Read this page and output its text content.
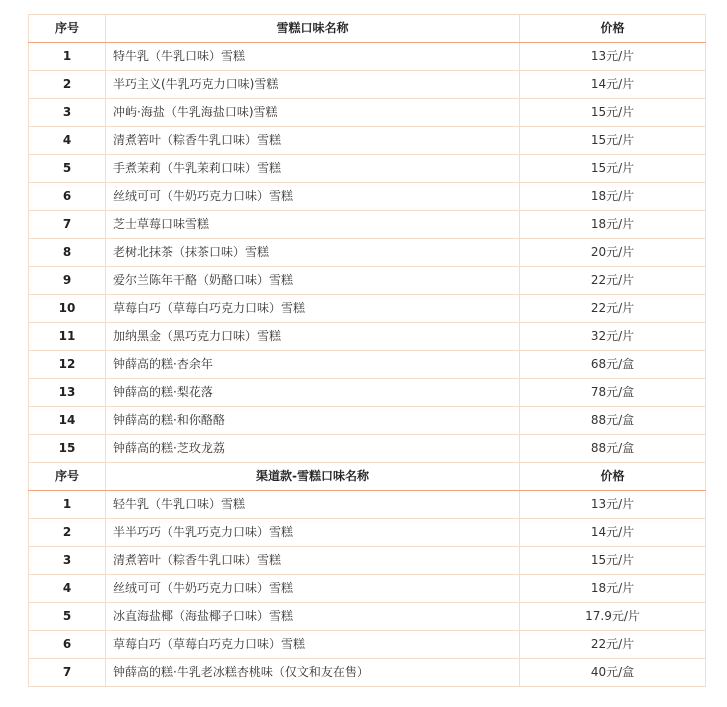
序号	雪糕口味名称	价格
1	特牛乳（牛乳口味）雪糕	13元/片
2	半巧主义(牛乳巧克力口味)雪糕	14元/片
3	冲屿·海盐（牛乳海盐口味)雪糕	15元/片
4	清煮箬叶（粽香牛乳口味）雪糕	15元/片
5	手煮茉莉（牛乳茉莉口味）雪糕	15元/片
6	丝绒可可（牛奶巧克力口味）雪糕	18元/片
7	芝士草莓口味雪糕	18元/片
8	老树北抹茶（抹茶口味）雪糕	20元/片
9	爱尔兰陈年干酪（奶酪口味）雪糕	22元/片
10	草莓白巧（草莓白巧克力口味）雪糕	22元/片
11	加纳黑金（黑巧克力口味）雪糕	32元/片
12	钟薛高的糕·杏余年	68元/盒
13	钟薛高的糕·梨花落	78元/盒
14	钟薛高的糕·和你酪酪	88元/盒
15	钟薛高的糕·芝玫龙荔	88元/盒
序号	渠道款-雪糕口味名称	价格
1	轻牛乳（牛乳口味）雪糕	13元/片
2	半半巧巧（牛乳巧克力口味）雪糕	14元/片
3	清煮箬叶（粽香牛乳口味）雪糕	15元/片
4	丝绒可可（牛奶巧克力口味）雪糕	18元/片
5	冰直海盐椰（海盐椰子口味）雪糕	17.9元/片
6	草莓白巧（草莓白巧克力口味）雪糕	22元/片
7	钟薛高的糕·牛乳老冰糕杏桃味（仅文和友在售）	40元/盒
